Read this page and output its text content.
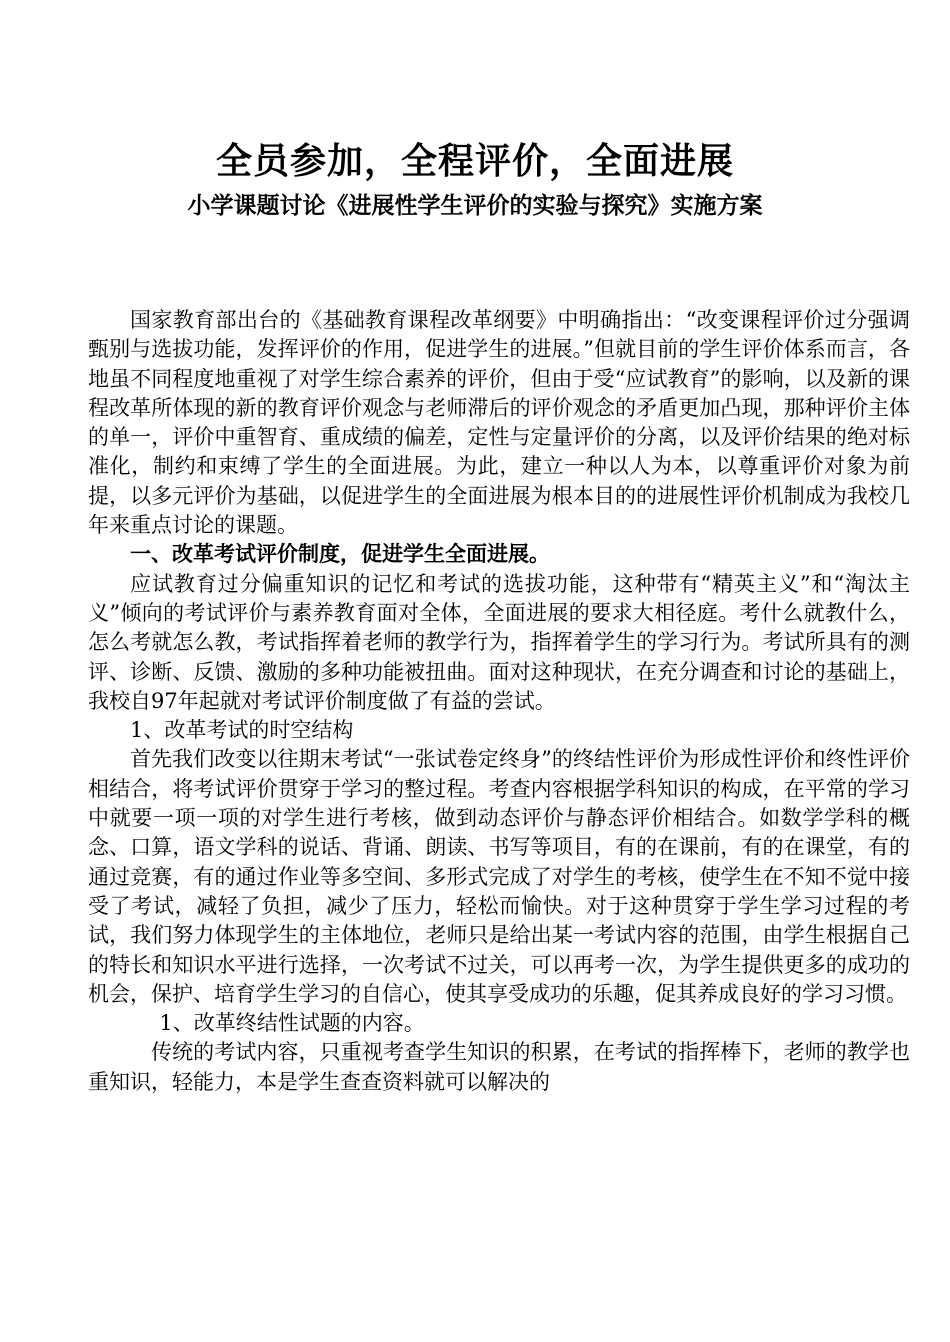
全员参加，全程评价，全面进展
小学课题讨论《进展性学生评价的实验与探究》实施方案

国家教育部出台的《基础教育课程改革纲要》中明确指出：“改变课程评价过分强调甄别与选拔功能，发挥评价的作用，促进学生的进展。”但就目前的学生评价体系而言，各地虽不同程度地重视了对学生综合素养的评价，但由于受“应试教育”的影响，以及新的课程改革所体现的新的教育评价观念与老师滞后的评价观念的矛盾更加凸现，那种评价主体的单一，评价中重智育、重成绩的偏差，定性与定量评价的分离，以及评价结果的绝对标准化，制约和束缚了学生的全面进展。为此，建立一种以人为本，以尊重评价对象为前提，以多元评价为基础，以促进学生的全面进展为根本目的的进展性评价机制成为我校几年来重点讨论的课题。

一、改革考试评价制度，促进学生全面进展。

应试教育过分偏重知识的记忆和考试的选拔功能，这种带有“精英主义”和“淘汰主义”倾向的考试评价与素养教育面对全体，全面进展的要求大相径庭。考什么就教什么，怎么考就怎么教，考试指挥着老师的教学行为，指挥着学生的学习行为。考试所具有的测评、诊断、反馈、激励的多种功能被扭曲。面对这种现状，在充分调查和讨论的基础上，我校自97年起就对考试评价制度做了有益的尝试。

1、改革考试的时空结构

首先我们改变以往期末考试“一张试卷定终身”的终结性评价为形成性评价和终性评价相结合，将考试评价贯穿于学习的整过程。考查内容根据学科知识的构成，在平常的学习中就要一项一项的对学生进行考核，做到动态评价与静态评价相结合。如数学学科的概念、口算，语文学科的说话、背诵、朗读、书写等项目，有的在课前，有的在课堂，有的通过竞赛，有的通过作业等多空间、多形式完成了对学生的考核，使学生在不知不觉中接受了考试，减轻了负担，减少了压力，轻松而愉快。对于这种贯穿于学生学习过程的考试，我们努力体现学生的主体地位，老师只是给出某一考试内容的范围，由学生根据自己的特长和知识水平进行选择，一次考试不过关，可以再考一次，为学生提供更多的成功的机会，保护、培育学生学习的自信心，使其享受成功的乐趣，促其养成良好的学习习惯。

1、改革终结性试题的内容。

传统的考试内容，只重视考查学生知识的积累，在考试的指挥棒下，老师的教学也重知识，轻能力，本是学生查查资料就可以解决的
